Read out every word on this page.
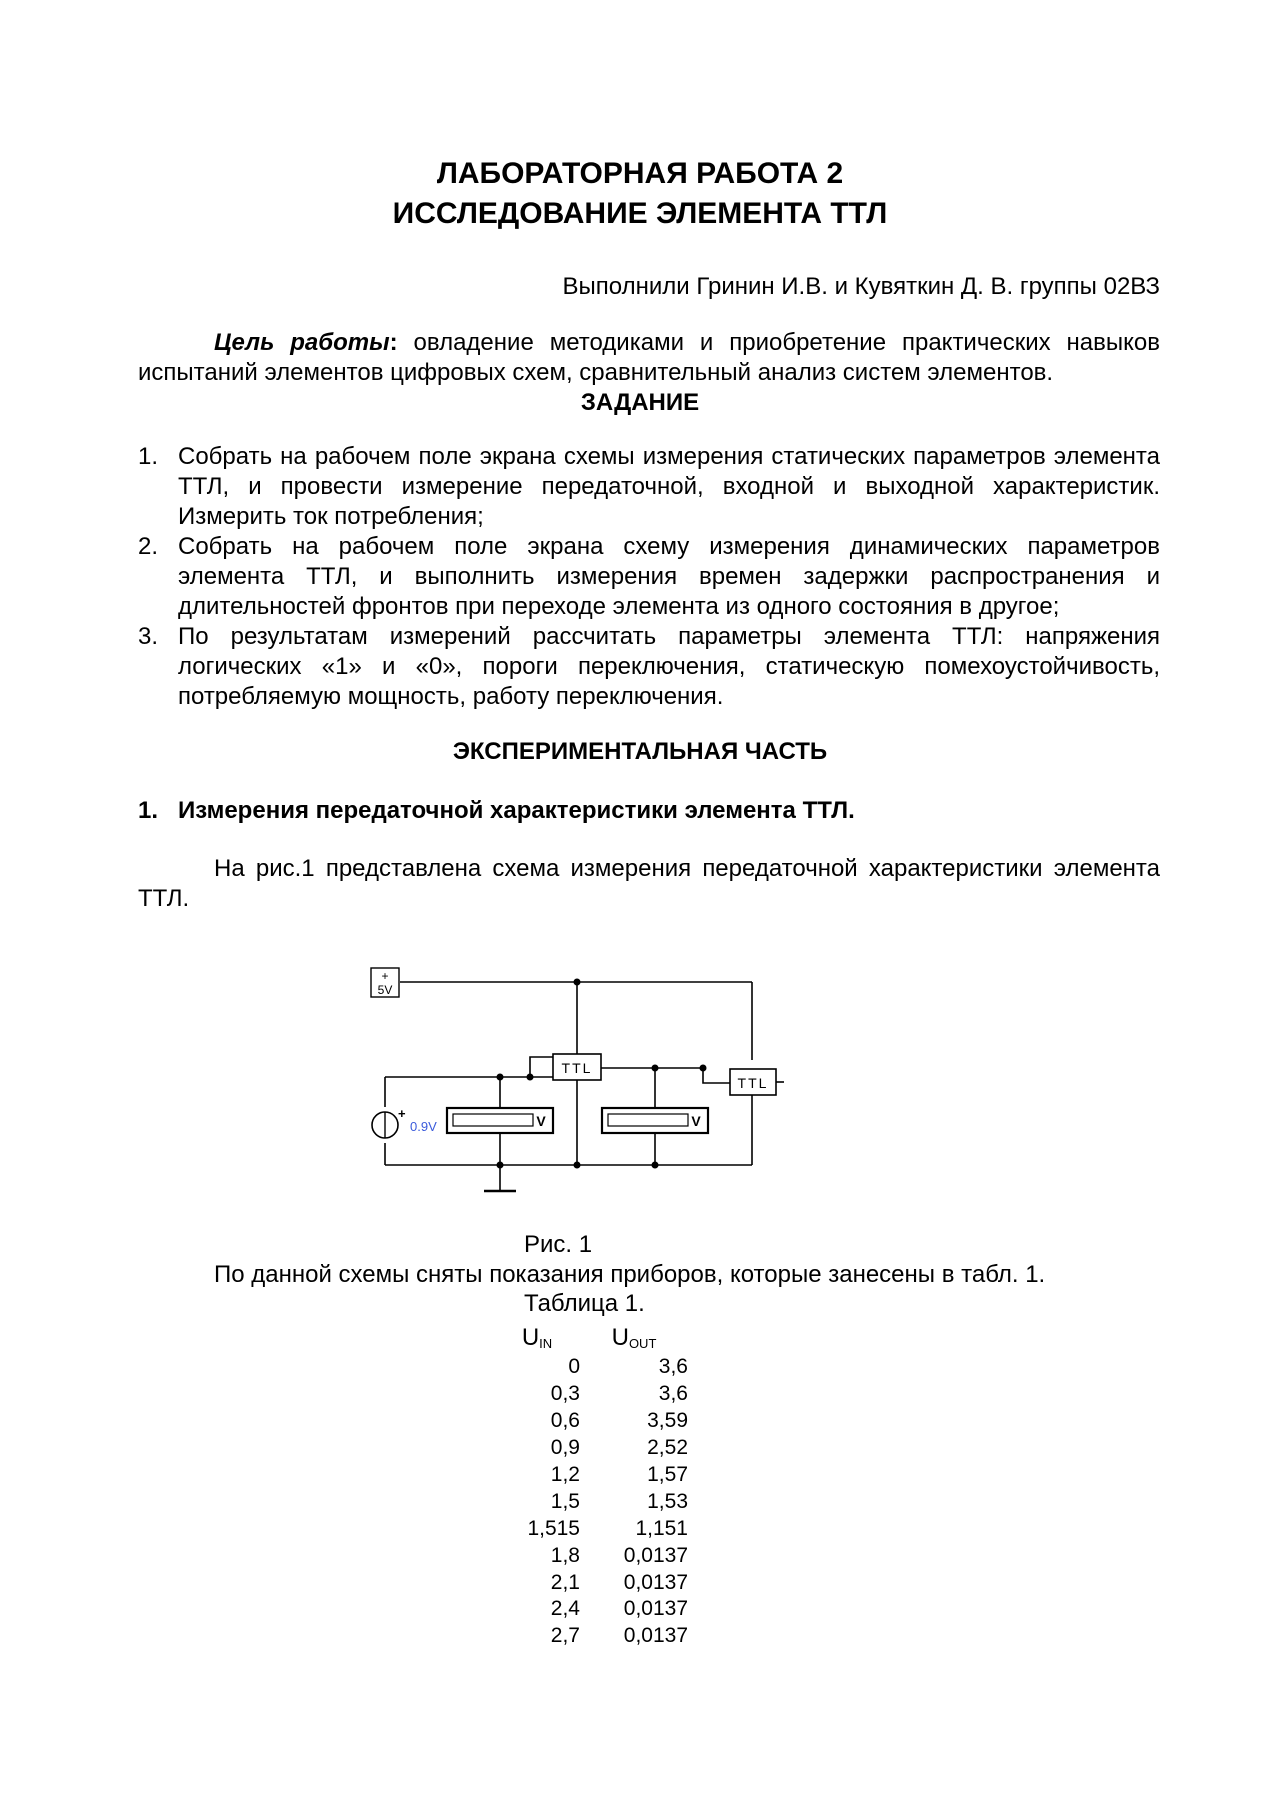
ЛАБОРАТОРНАЯ РАБОТА 2
ИССЛЕДОВАНИЕ ЭЛЕМЕНТА ТТЛ
Выполнили Гринин И.В. и Кувяткин Д. В. группы 02ВЗ
Цель работы: овладение методиками и приобретение практических навыков испытаний элементов цифровых схем, сравнительный анализ систем элементов.
ЗАДАНИЕ
1. Собрать на рабочем поле экрана схемы измерения статических параметров элемента ТТЛ, и провести измерение передаточной, входной и выходной характеристик. Измерить ток потребления;
2. Собрать на рабочем поле экрана схему измерения динамических параметров элемента ТТЛ, и выполнить измерения времен задержки распространения и длительностей фронтов при переходе элемента из одного состояния в другое;
3. По результатам измерений рассчитать параметры элемента ТТЛ: напряжения логических «1» и «0», пороги переключения, статическую помехоустойчивость, потребляемую мощность, работу переключения.
ЭКСПЕРИМЕНТАЛЬНАЯ ЧАСТЬ
1. Измерения передаточной характеристики элемента ТТЛ.
На рис.1 представлена схема измерения передаточной характеристики элемента ТТЛ.
+
5V
TTL
TTL
+
0.9V	V	V
Рис. 1
По данной схемы сняты показания приборов, которые занесены в табл. 1.
Таблица 1.
$U_{IN}$	$U_{OUT}$
0	3,6
0,3	3,6
0,6	3,59
0,9	2,52
1,2	1,57
1,5	1,53
1,515	1,151
1,8	0,0137
2,1	0,0137
2,4	0,0137
2,7	0,0137
